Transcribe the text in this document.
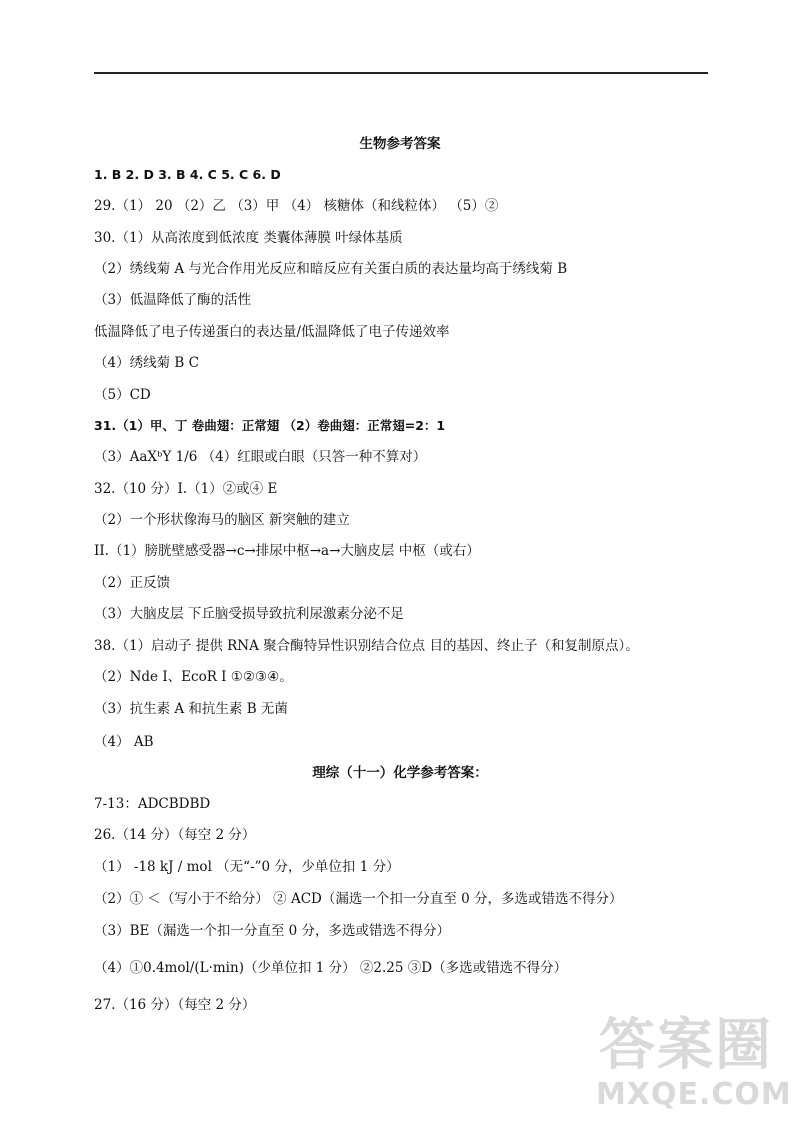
生物参考答案
1. B 2. D 3. B 4. C 5. C 6. D
29.（1） 20 （2）乙 （3）甲 （4） 核糖体（和线粒体） （5）②
30.（1）从高浓度到低浓度 类囊体薄膜 叶绿体基质
（2）绣线菊 A 与光合作用光反应和暗反应有关蛋白质的表达量均高于绣线菊 B
（3）低温降低了酶的活性
低温降低了电子传递蛋白的表达量/低温降低了电子传递效率
（4）绣线菊 B C
（5）CD
31.（1）甲、丁 卷曲翅：正常翅 （2）卷曲翅：正常翅=2：1
（3）AaXᵇY 1/6 （4）红眼或白眼（只答一种不算对）
32.（10 分）I.（1）②或④ E
（2）一个形状像海马的脑区 新突触的建立
II.（1）膀胱壁感受器→c→排尿中枢→a→大脑皮层 中枢（或右）
（2）正反馈
（3）大脑皮层 下丘脑受损导致抗利尿激素分泌不足
38.（1）启动子 提供 RNA 聚合酶特异性识别结合位点 目的基因、终止子（和复制原点）。
（2）Nde Ⅰ、EcoR Ⅰ ①②③④。
（3）抗生素 A 和抗生素 B 无菌
（4） AB
理综（十一）化学参考答案：
7-13：ADCBDBD
26.（14 分）（每空 2 分）
（1） -18 kJ / mol （无“-”0 分，少单位扣 1 分）
（2）① ＜（写小于不给分） ② ACD（漏选一个扣一分直至 0 分，多选或错选不得分）
（3）BE（漏选一个扣一分直至 0 分，多选或错选不得分）
（4）①0.4mol/(L·min)（少单位扣 1 分） ②2.25 ③D（多选或错选不得分）
27.（16 分）（每空 2 分）
答案圈
MXQE.COM
